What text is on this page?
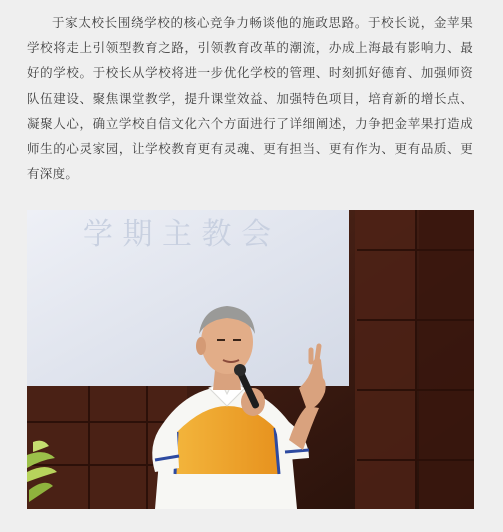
于家太校长围绕学校的核心竞争力畅谈他的施政思路。于校长说，金苹果学校将走上引领型教育之路，引领教育改革的潮流，办成上海最有影响力、最好的学校。于校长从学校将进一步优化学校的管理、时刻抓好德育、加强师资队伍建设、聚焦课堂教学，提升课堂效益、加强特色项目，培育新的增长点、凝聚人心，确立学校自信文化六个方面进行了详细阐述，力争把金苹果打造成师生的心灵家园，让学校教育更有灵魂、更有担当、更有作为、更有品质、更有深度。

学 期 主 教 会
